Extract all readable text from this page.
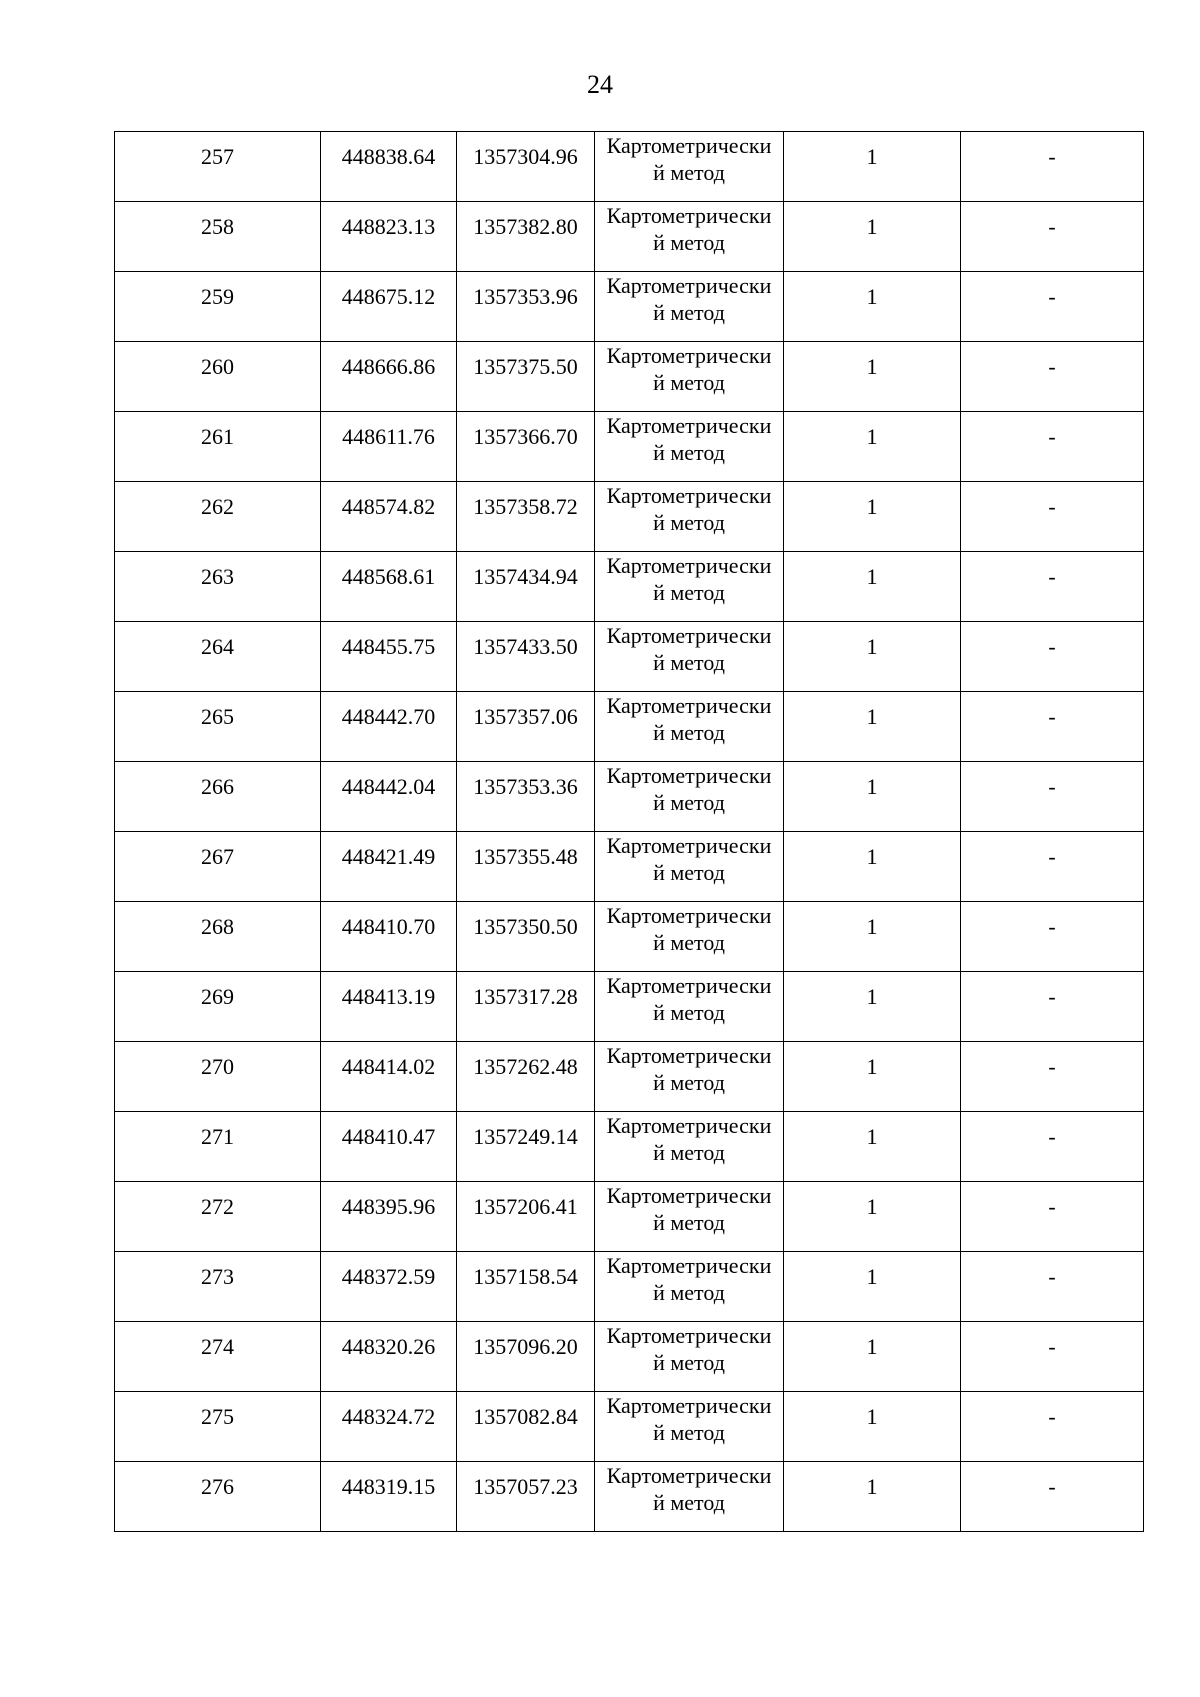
24
257	448838.64	1357304.96	Картометрически
й метод	1	-
258	448823.13	1357382.80	Картометрически
й метод	1	-
259	448675.12	1357353.96	Картометрически
й метод	1	-
260	448666.86	1357375.50	Картометрически
й метод	1	-
261	448611.76	1357366.70	Картометрически
й метод	1	-
262	448574.82	1357358.72	Картометрически
й метод	1	-
263	448568.61	1357434.94	Картометрически
й метод	1	-
264	448455.75	1357433.50	Картометрически
й метод	1	-
265	448442.70	1357357.06	Картометрически
й метод	1	-
266	448442.04	1357353.36	Картометрически
й метод	1	-
267	448421.49	1357355.48	Картометрически
й метод	1	-
268	448410.70	1357350.50	Картометрически
й метод	1	-
269	448413.19	1357317.28	Картометрически
й метод	1	-
270	448414.02	1357262.48	Картометрически
й метод	1	-
271	448410.47	1357249.14	Картометрически
й метод	1	-
272	448395.96	1357206.41	Картометрически
й метод	1	-
273	448372.59	1357158.54	Картометрически
й метод	1	-
274	448320.26	1357096.20	Картометрически
й метод	1	-
275	448324.72	1357082.84	Картометрически
й метод	1	-
276	448319.15	1357057.23	Картометрически
й метод	1	-
